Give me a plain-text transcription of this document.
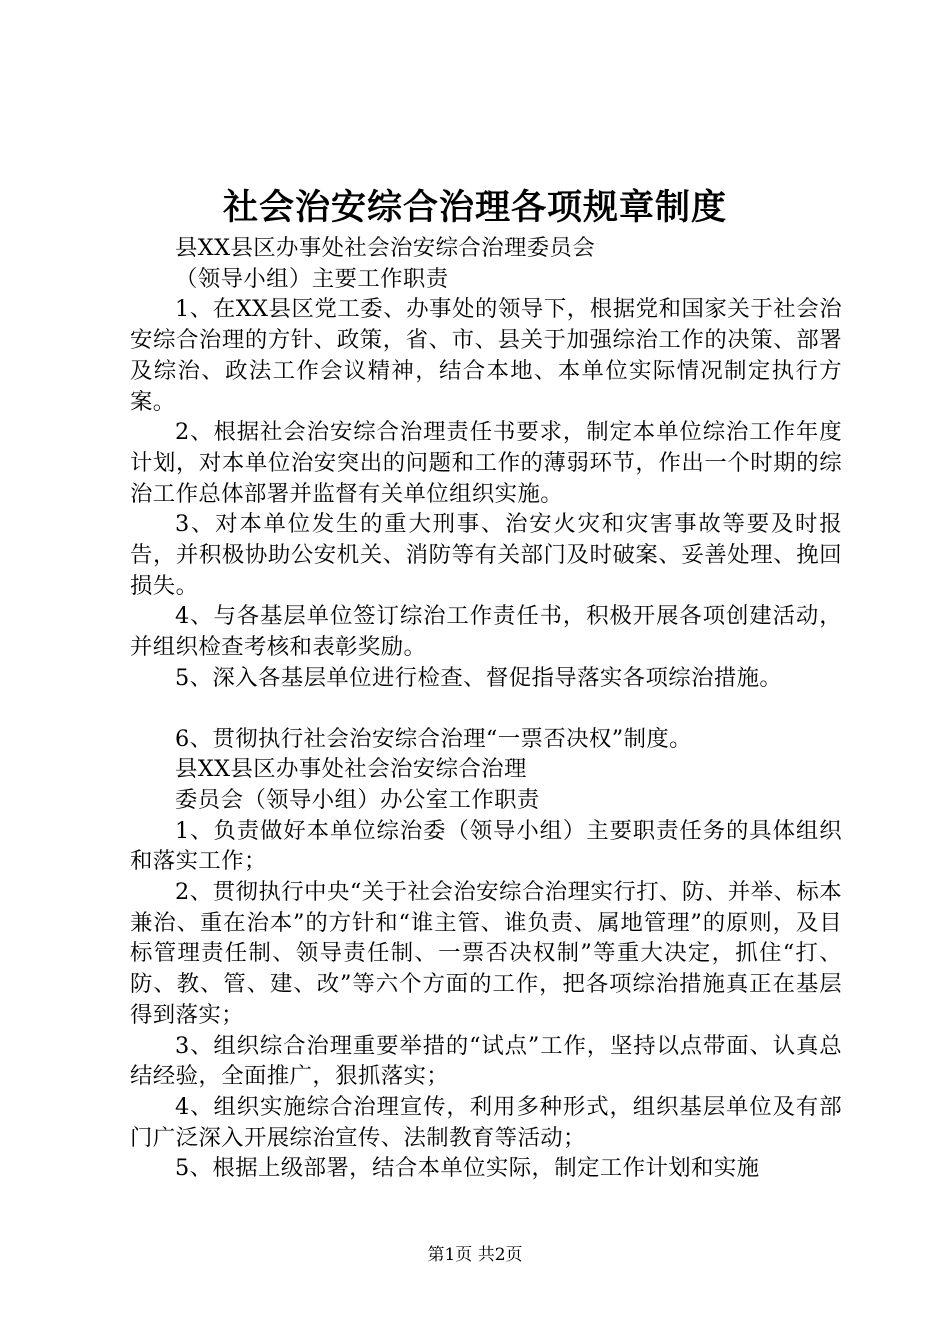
社会治安综合治理各项规章制度

县XX县区办事处社会治安综合治理委员会

（领导小组）主要工作职责

1、在XX县区党工委、办事处的领导下，根据党和国家关于社会治安综合治理的方针、政策，省、市、县关于加强综治工作的决策、部署及综治、政法工作会议精神，结合本地、本单位实际情况制定执行方案。

2、根据社会治安综合治理责任书要求，制定本单位综治工作年度计划，对本单位治安突出的问题和工作的薄弱环节，作出一个时期的综治工作总体部署并监督有关单位组织实施。

3、对本单位发生的重大刑事、治安火灾和灾害事故等要及时报告，并积极协助公安机关、消防等有关部门及时破案、妥善处理、挽回损失。

4、与各基层单位签订综治工作责任书，积极开展各项创建活动，并组织检查考核和表彰奖励。

5、深入各基层单位进行检查、督促指导落实各项综治措施。

6、贯彻执行社会治安综合治理“一票否决权”制度。

县XX县区办事处社会治安综合治理

委员会（领导小组）办公室工作职责

1、负责做好本单位综治委（领导小组）主要职责任务的具体组织和落实工作；

2、贯彻执行中央“关于社会治安综合治理实行打、防、并举、标本兼治、重在治本”的方针和“谁主管、谁负责、属地管理”的原则，及目标管理责任制、领导责任制、一票否决权制”等重大决定，抓住“打、防、教、管、建、改”等六个方面的工作，把各项综治措施真正在基层得到落实；

3、组织综合治理重要举措的“试点”工作，坚持以点带面、认真总结经验，全面推广，狠抓落实；

4、组织实施综合治理宣传，利用多种形式，组织基层单位及有部门广泛深入开展综治宣传、法制教育等活动；

5、根据上级部署，结合本单位实际，制定工作计划和实施

第1页 共2页
